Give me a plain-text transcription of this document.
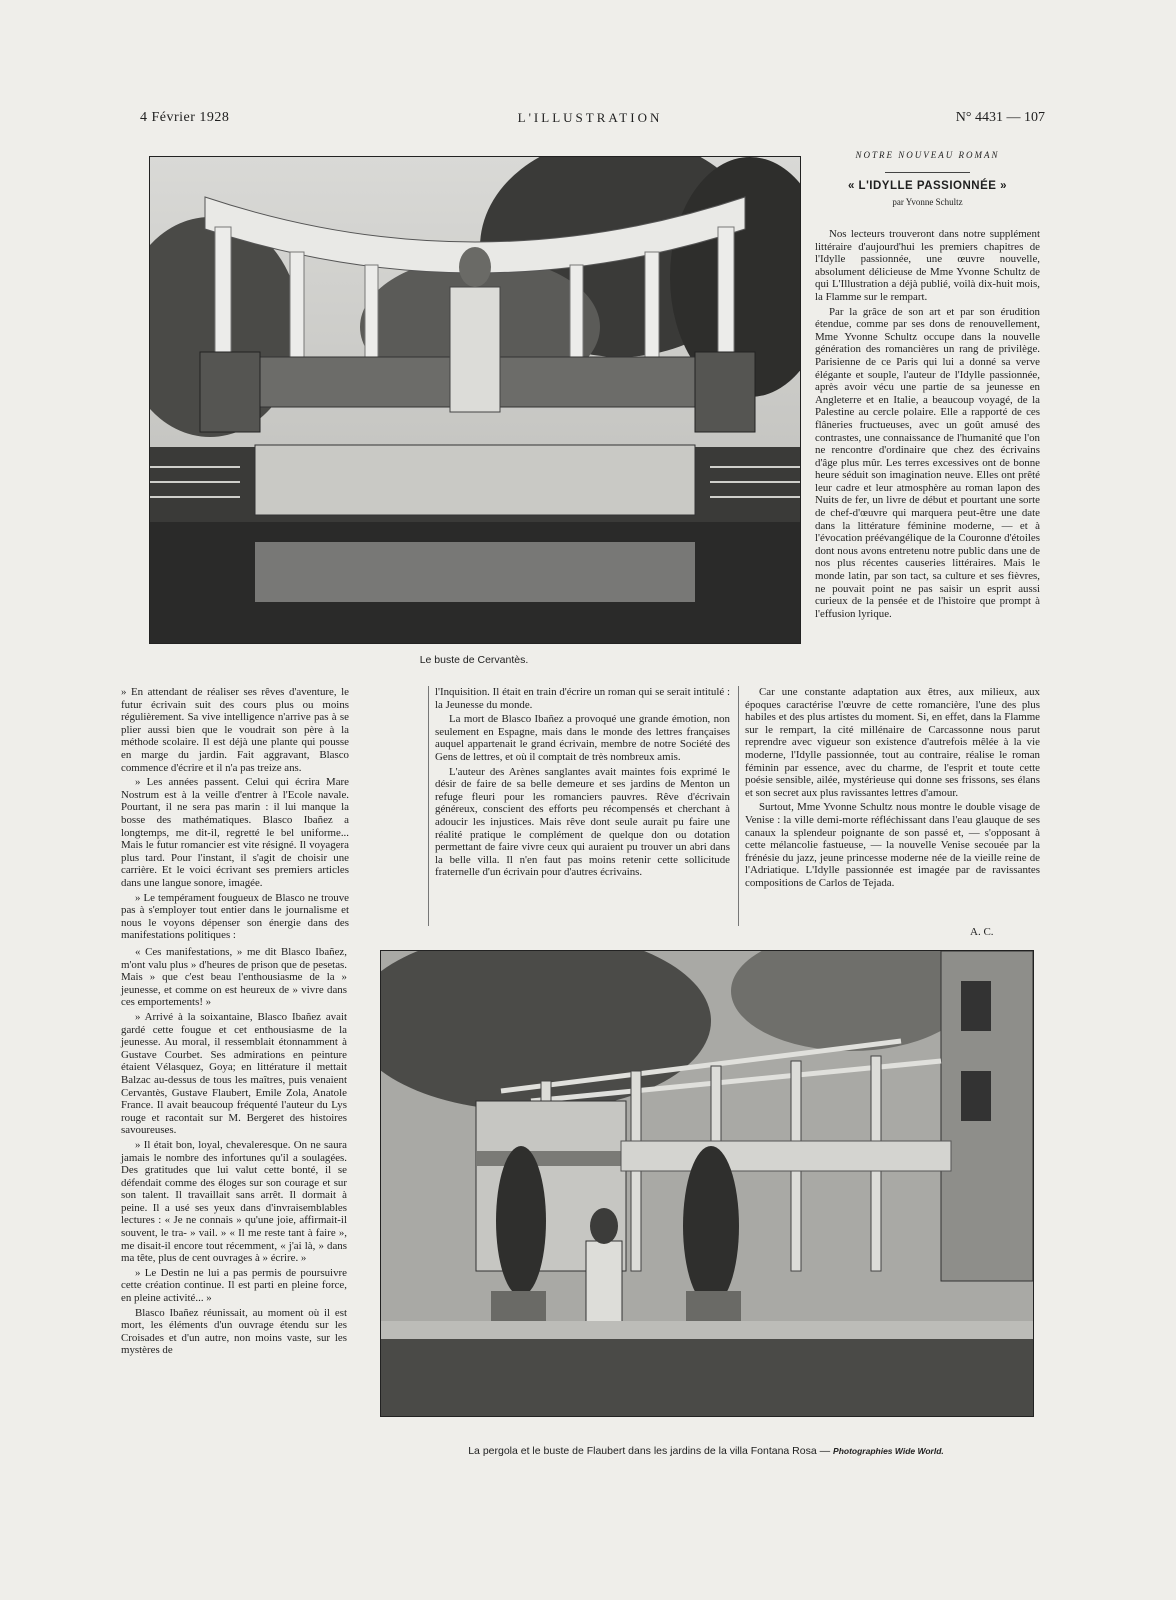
4 Février 1928	L'ILLUSTRATION	N° 4431 — 107
Le buste de Cervantès.
NOTRE NOUVEAU ROMAN
« L'IDYLLE PASSIONNÉE »
par Yvonne Schultz

Nos lecteurs trouveront dans notre supplément littéraire d'aujourd'hui les premiers chapitres de l'Idylle passionnée, une œuvre nouvelle, absolument délicieuse de Mme Yvonne Schultz de qui L'Illustration a déjà publié, voilà dix-huit mois, la Flamme sur le rempart.

Par la grâce de son art et par son érudition étendue, comme par ses dons de renouvellement, Mme Yvonne Schultz occupe dans la nouvelle génération des romancières un rang de privilège. Parisienne de ce Paris qui lui a donné sa verve élégante et souple, l'auteur de l'Idylle passionnée, après avoir vécu une partie de sa jeunesse en Angleterre et en Italie, a beaucoup voyagé, de la Palestine au cercle polaire. Elle a rapporté de ces flâneries fructueuses, avec un goût amusé des contrastes, une connaissance de l'humanité que l'on ne rencontre d'ordinaire que chez des écrivains d'âge plus mûr. Les terres excessives ont de bonne heure séduit son imagination neuve. Elles ont prêté leur cadre et leur atmosphère au roman lapon des Nuits de fer, un livre de début et pourtant une sorte de chef-d'œuvre qui marquera peut-être une date dans la littérature féminine moderne, — et à l'évocation préévangélique de la Couronne d'étoiles dont nous avons entretenu notre public dans une de nos plus récentes causeries littéraires. Mais le monde latin, par son tact, sa culture et ses fièvres, ne pouvait point ne pas saisir un esprit aussi curieux de la pensée et de l'histoire que prompt à l'effusion lyrique.

» En attendant de réaliser ses rêves d'aventure, le futur écrivain suit des cours plus ou moins régulièrement. Sa vive intelligence n'arrive pas à se plier aussi bien que le voudrait son père à la méthode scolaire. Il est déjà une plante qui pousse en marge du jardin. Fait aggravant, Blasco commence d'écrire et il n'a pas treize ans.

» Les années passent. Celui qui écrira Mare Nostrum est à la veille d'entrer à l'Ecole navale. Pourtant, il ne sera pas marin : il lui manque la bosse des mathématiques. Blasco Ibañez a longtemps, me dit-il, regretté le bel uniforme... Mais le futur romancier est vite résigné. Il voyagera plus tard. Pour l'instant, il s'agit de choisir une carrière. Et le voici écrivant ses premiers articles dans une langue sonore, imagée.

» Le tempérament fougueux de Blasco ne trouve pas à s'employer tout entier dans le journalisme et nous le voyons dépenser son énergie dans des manifestations politiques :

« Ces manifestations, » me dit Blasco Ibañez, m'ont valu plus » d'heures de prison que de pesetas. Mais » que c'est beau l'enthousiasme de la » jeunesse, et comme on est heureux de » vivre dans ces emportements! »

» Arrivé à la soixantaine, Blasco Ibañez avait gardé cette fougue et cet enthousiasme de la jeunesse. Au moral, il ressemblait étonnamment à Gustave Courbet. Ses admirations en peinture étaient Vélasquez, Goya; en littérature il mettait Balzac au-dessus de tous les maîtres, puis venaient Cervantès, Gustave Flaubert, Emile Zola, Anatole France. Il avait beaucoup fréquenté l'auteur du Lys rouge et racontait sur M. Bergeret des histoires savoureuses.

» Il était bon, loyal, chevaleresque. On ne saura jamais le nombre des infortunes qu'il a soulagées. Des gratitudes que lui valut cette bonté, il se défendait comme des éloges sur son courage et sur son talent. Il travaillait sans arrêt. Il dormait à peine. Il a usé ses yeux dans d'invraisemblables lectures : « Je ne connais » qu'une joie, affirmait-il souvent, le tra- » vail. » « Il me reste tant à faire », me disait-il encore tout récemment, « j'ai là, » dans ma tête, plus de cent ouvrages à » écrire. »

» Le Destin ne lui a pas permis de poursuivre cette création continue. Il est parti en pleine force, en pleine activité... »

Blasco Ibañez réunissait, au moment où il est mort, les éléments d'un ouvrage étendu sur les Croisades et d'un autre, non moins vaste, sur les mystères de

l'Inquisition. Il était en train d'écrire un roman qui se serait intitulé : la Jeunesse du monde.

La mort de Blasco Ibañez a provoqué une grande émotion, non seulement en Espagne, mais dans le monde des lettres françaises auquel appartenait le grand écrivain, membre de notre Société des Gens de lettres, et où il comptait de très nombreux amis.

L'auteur des Arènes sanglantes avait maintes fois exprimé le désir de faire de sa belle demeure et ses jardins de Menton un refuge fleuri pour les romanciers pauvres. Rêve d'écrivain généreux, conscient des efforts peu récompensés et cherchant à adoucir les injustices. Mais rêve dont seule aurait pu faire une réalité pratique le complément de quelque don ou dotation permettant de faire vivre ceux qui auraient pu trouver un abri dans la belle villa. Il n'en faut pas moins retenir cette sollicitude fraternelle d'un écrivain pour d'autres écrivains.

Car une constante adaptation aux êtres, aux milieux, aux époques caractérise l'œuvre de cette romancière, l'une des plus habiles et des plus artistes du moment. Si, en effet, dans la Flamme sur le rempart, la cité millénaire de Carcassonne nous parut reprendre avec vigueur son existence d'autrefois mêlée à la vie moderne, l'Idylle passionnée, tout au contraire, réalise le roman féminin par essence, avec du charme, de l'esprit et toute cette poésie sensible, ailée, mystérieuse qui donne ses frissons, ses élans et son secret aux plus ravissantes lettres d'amour.

Surtout, Mme Yvonne Schultz nous montre le double visage de Venise : la ville demi-morte réfléchissant dans l'eau glauque de ses canaux la splendeur poignante de son passé et, — s'opposant à cette mélancolie fastueuse, — la nouvelle Venise secouée par la frénésie du jazz, jeune princesse moderne née de la vieille reine de l'Adriatique. L'Idylle passionnée est imagée par de ravissantes compositions de Carlos de Tejada.

A. C.
La pergola et le buste de Flaubert dans les jardins de la villa Fontana Rosa — Photographies Wide World.
